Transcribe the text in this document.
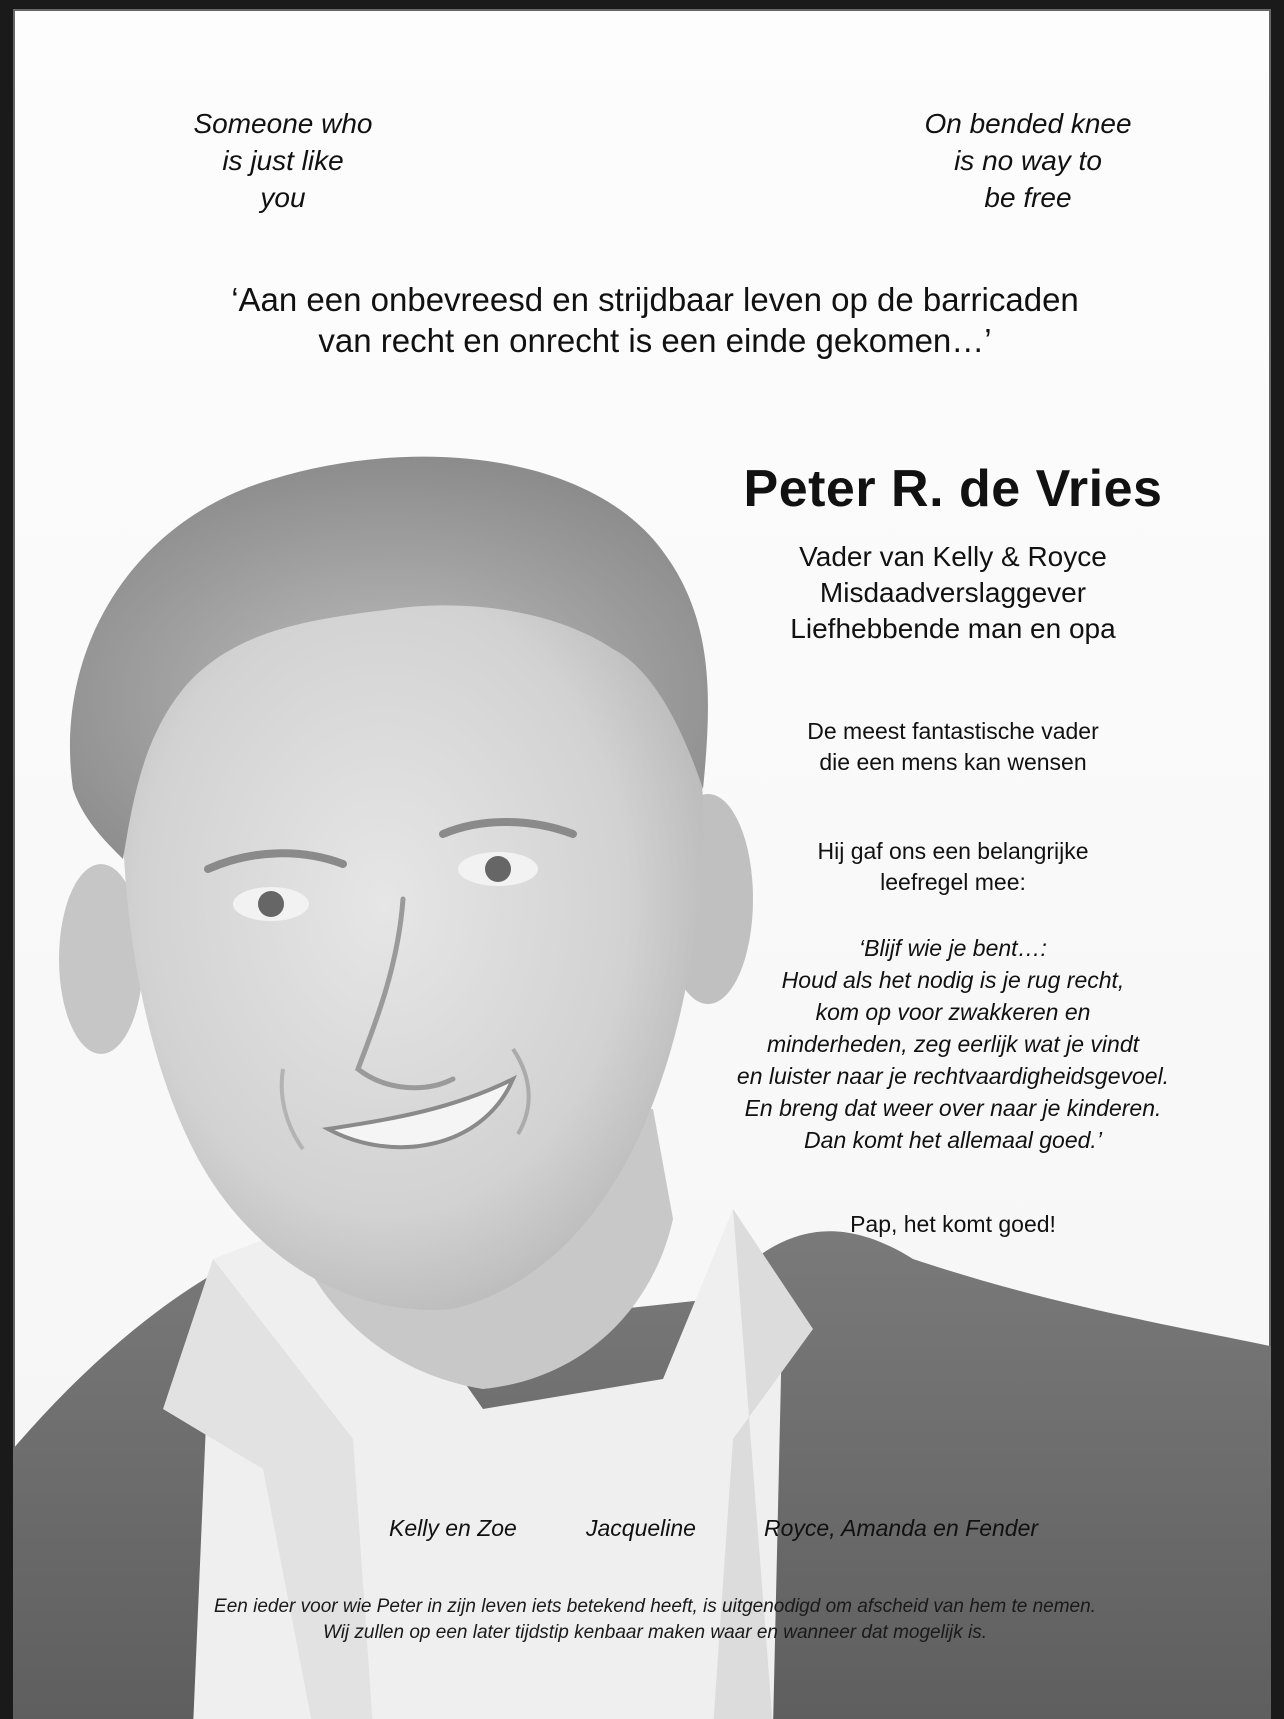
Someone who
is just like
you
On bended knee
is no way to
be free
‘Aan een onbevreesd en strijdbaar leven op de barricaden
van recht en onrecht is een einde gekomen…’
Peter R. de Vries
Vader van Kelly & Royce
Misdaadverslaggever
Liefhebbende man en opa
De meest fantastische vader
die een mens kan wensen
Hij gaf ons een belangrijke
leefregel mee:
‘Blijf wie je bent…:
Houd als het nodig is je rug recht,
kom op voor zwakkeren en
minderheden, zeg eerlijk wat je vindt
en luister naar je rechtvaardigheidsgevoel.
En breng dat weer over naar je kinderen.
Dan komt het allemaal goed.’
Pap, het komt goed!
Kelly en Zoe	Jacqueline	Royce, Amanda en Fender
Een ieder voor wie Peter in zijn leven iets betekend heeft, is uitgenodigd om afscheid van hem te nemen.
Wij zullen op een later tijdstip kenbaar maken waar en wanneer dat mogelijk is.
